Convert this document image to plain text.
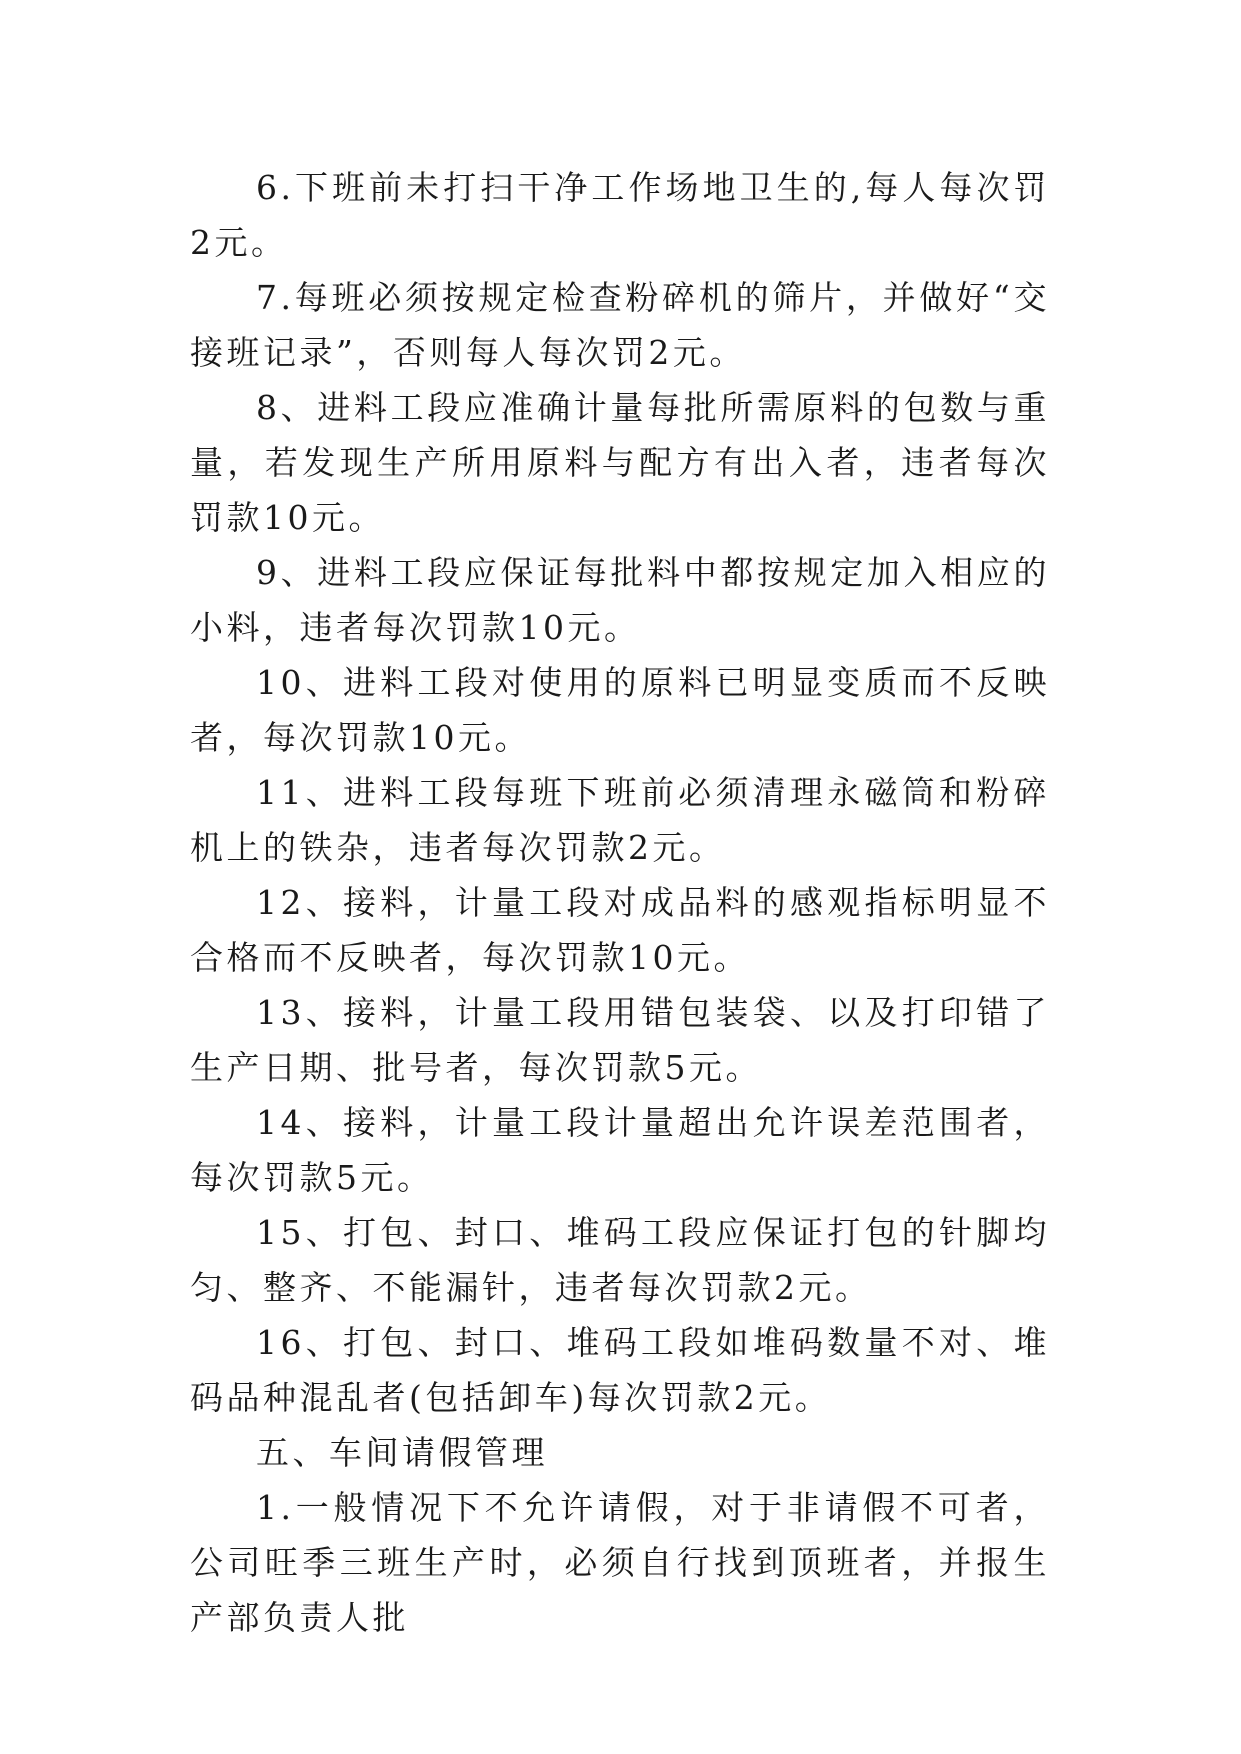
6.下班前未打扫干净工作场地卫生的,每人每次罚2元。

7.每班必须按规定检查粉碎机的筛片，并做好“交接班记录”，否则每人每次罚2元。

8、进料工段应准确计量每批所需原料的包数与重量，若发现生产所用原料与配方有出入者，违者每次罚款10元。

9、进料工段应保证每批料中都按规定加入相应的小料，违者每次罚款10元。

10、进料工段对使用的原料已明显变质而不反映者，每次罚款10元。

11、进料工段每班下班前必须清理永磁筒和粉碎机上的铁杂，违者每次罚款2元。

12、接料，计量工段对成品料的感观指标明显不合格而不反映者，每次罚款10元。

13、接料，计量工段用错包装袋、以及打印错了生产日期、批号者，每次罚款5元。

14、接料，计量工段计量超出允许误差范围者，每次罚款5元。

15、打包、封口、堆码工段应保证打包的针脚均匀、整齐、不能漏针，违者每次罚款2元。

16、打包、封口、堆码工段如堆码数量不对、堆码品种混乱者(包括卸车)每次罚款2元。

五、车间请假管理

1.一般情况下不允许请假，对于非请假不可者，公司旺季三班生产时，必须自行找到顶班者，并报生产部负责人批
